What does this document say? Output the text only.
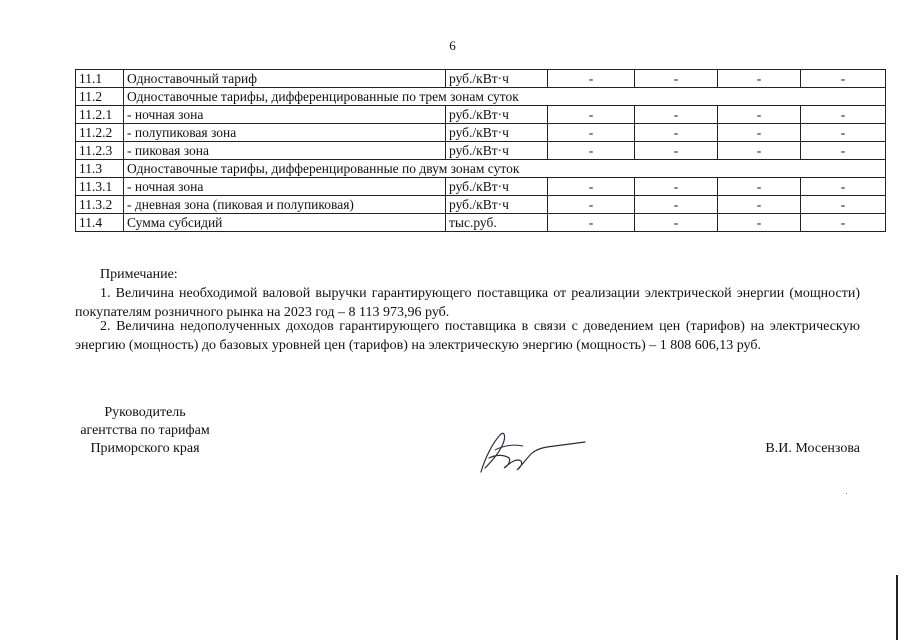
6
11.1	Одноставочный тариф	руб./кВт·ч	-	-	-	-
11.2	Одноставочные тарифы, дифференцированные по трем зонам суток					
11.2.1	- ночная зона	руб./кВт·ч	-	-	-	-
11.2.2	- полупиковая зона	руб./кВт·ч	-	-	-	-
11.2.3	- пиковая зона	руб./кВт·ч	-	-	-	-
11.3	Одноставочные тарифы, дифференцированные по двум зонам суток					
11.3.1	- ночная зона	руб./кВт·ч	-	-	-	-
11.3.2	- дневная зона (пиковая и полупиковая)	руб./кВт·ч	-	-	-	-
11.4	Сумма субсидий	тыс.руб.	-	-	-	-
Примечание:
1. Величина необходимой валовой выручки гарантирующего поставщика от реализации электрической энергии (мощности) покупателям розничного рынка на 2023 год – 8 113 973,96 руб.
2. Величина недополученных доходов гарантирующего поставщика в связи с доведением цен (тарифов) на электрическую энергию (мощность) до базовых уровней цен (тарифов) на электрическую энергию (мощность) – 1 808 606,13 руб.
Руководитель
агентства по тарифам
Приморского края	В.И. Мосензова
